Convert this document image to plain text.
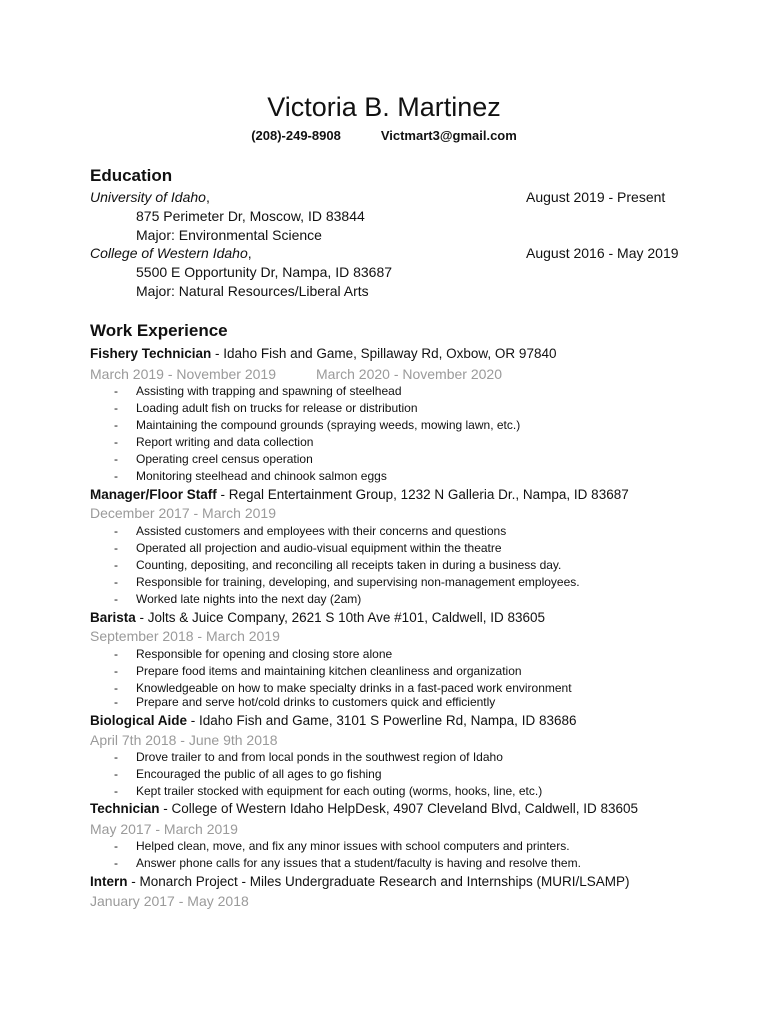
Victoria B. Martinez
(208)-249-8908	Victmart3@gmail.com
Education
University of Idaho,	August 2019 - Present
875 Perimeter Dr, Moscow, ID 83844
Major: Environmental Science
College of Western Idaho,	August 2016 - May 2019
5500 E Opportunity Dr, Nampa, ID 83687
Major: Natural Resources/Liberal Arts
Work Experience
Fishery Technician - Idaho Fish and Game, Spillaway Rd, Oxbow, OR 97840
March 2019 - November 2019	March 2020 - November 2020
- Assisting with trapping and spawning of steelhead
- Loading adult fish on trucks for release or distribution
- Maintaining the compound grounds (spraying weeds, mowing lawn, etc.)
- Report writing and data collection
- Operating creel census operation
- Monitoring steelhead and chinook salmon eggs
Manager/Floor Staff - Regal Entertainment Group, 1232 N Galleria Dr., Nampa, ID 83687
December 2017 - March 2019
- Assisted customers and employees with their concerns and questions
- Operated all projection and audio-visual equipment within the theatre
- Counting, depositing, and reconciling all receipts taken in during a business day.
- Responsible for training, developing, and supervising non-management employees.
- Worked late nights into the next day (2am)
Barista - Jolts & Juice Company, 2621 S 10th Ave #101, Caldwell, ID 83605
September 2018 - March 2019
- Responsible for opening and closing store alone
- Prepare food items and maintaining kitchen cleanliness and organization
- Knowledgeable on how to make specialty drinks in a fast-paced work environment
- Prepare and serve hot/cold drinks to customers quick and efficiently
Biological Aide - Idaho Fish and Game, 3101 S Powerline Rd, Nampa, ID 83686
April 7th 2018 - June 9th 2018
- Drove trailer to and from local ponds in the southwest region of Idaho
- Encouraged the public of all ages to go fishing
- Kept trailer stocked with equipment for each outing (worms, hooks, line, etc.)
Technician - College of Western Idaho HelpDesk, 4907 Cleveland Blvd, Caldwell, ID 83605
May 2017 - March 2019
- Helped clean, move, and fix any minor issues with school computers and printers.
- Answer phone calls for any issues that a student/faculty is having and resolve them.
Intern - Monarch Project - Miles Undergraduate Research and Internships (MURI/LSAMP)
January 2017 - May 2018
